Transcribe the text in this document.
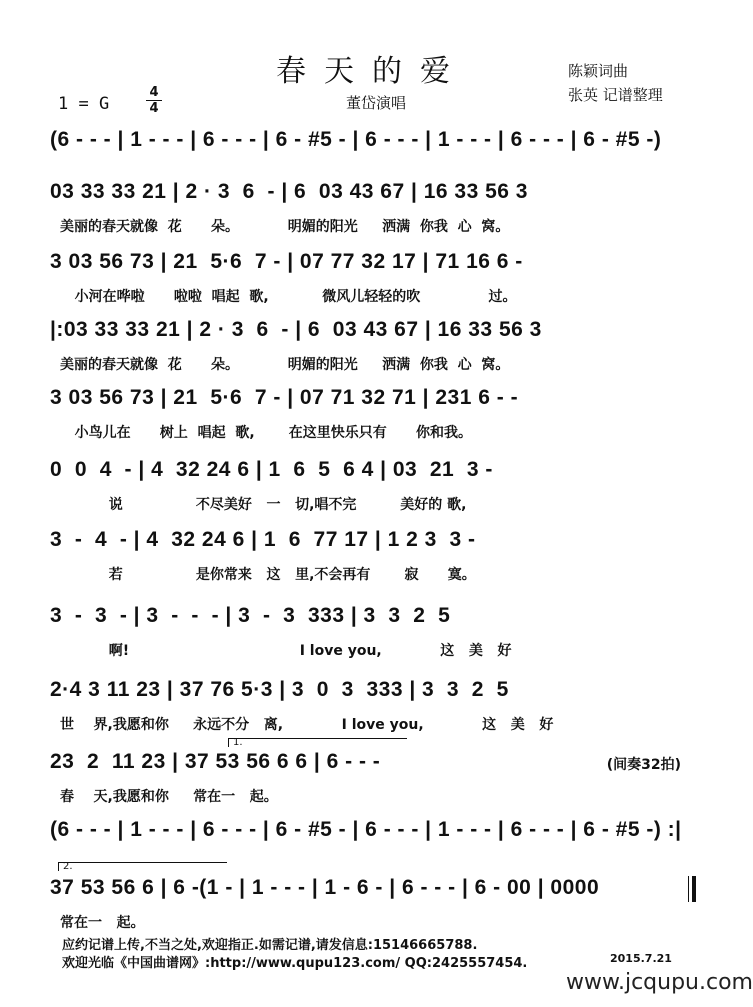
春天的爱	陈颖词曲
张英 记谱整理
董岱演唱
1 = G
4
4
(6 - - - | 1 - - - | 6 - - - | 6 - #5 - | 6 - - - | 1 - - - | 6 - - - | 6 - #5 -)
03 33 33 21 | 2 · 3  6  - | 6  03 43 67 | 16 33 56 3
美丽的春天就像  花      朵。          明媚的阳光     洒满  你我  心  窝。
3 03 56 73 | 21  5·6  7 - | 07 77 32 17 | 71 16 6 -
小河在哗啦      啦啦  唱起  歌,           微风儿轻轻的吹              过。
|:03 33 33 21 | 2 · 3  6  - | 6  03 43 67 | 16 33 56 3
美丽的春天就像  花      朵。          明媚的阳光     洒满  你我  心  窝。
3 03 56 73 | 21  5·6  7 - | 07 71 32 71 | 231 6 - -
小鸟儿在      树上  唱起  歌,       在这里快乐只有      你和我。
0  0  4  - | 4  32 24 6 | 1  6  5  6 4 | 03  21  3 -
说               不尽美好   一   切,唱不完         美好的 歌,
3  -  4  - | 4  32 24 6 | 1  6  77 17 | 1 2 3  3 -
若               是你常来   这   里,不会再有       寂      寞。
3  -  3  - | 3  -  -  - | 3  -  3  333 | 3  3  2  5
啊!                                   I love you,            这   美   好
2·4 3 11 23 | 37 76 5·3 | 3  0  3  333 | 3  3  2  5
世    界,我愿和你     永远不分   离,            I love you,            这   美   好
1.
23  2  11 23 | 37 53 56 6 6 | 6 - - -
春    天,我愿和你     常在一   起。
(间奏32拍)
(6 - - - | 1 - - - | 6 - - - | 6 - #5 - | 6 - - - | 1 - - - | 6 - - - | 6 - #5 -) :|
2.
37 53 56 6 | 6 -(1 - | 1 - - - | 1 - 6 - | 6 - - - | 6 - 00 | 0000
常在一   起。
应约记谱上传,不当之处,欢迎指正.如需记谱,请发信息:15146665788.
欢迎光临《中国曲谱网》:http://www.qupu123.com/ QQ:2425557454.	2015.7.21
www.jcqupu.com
